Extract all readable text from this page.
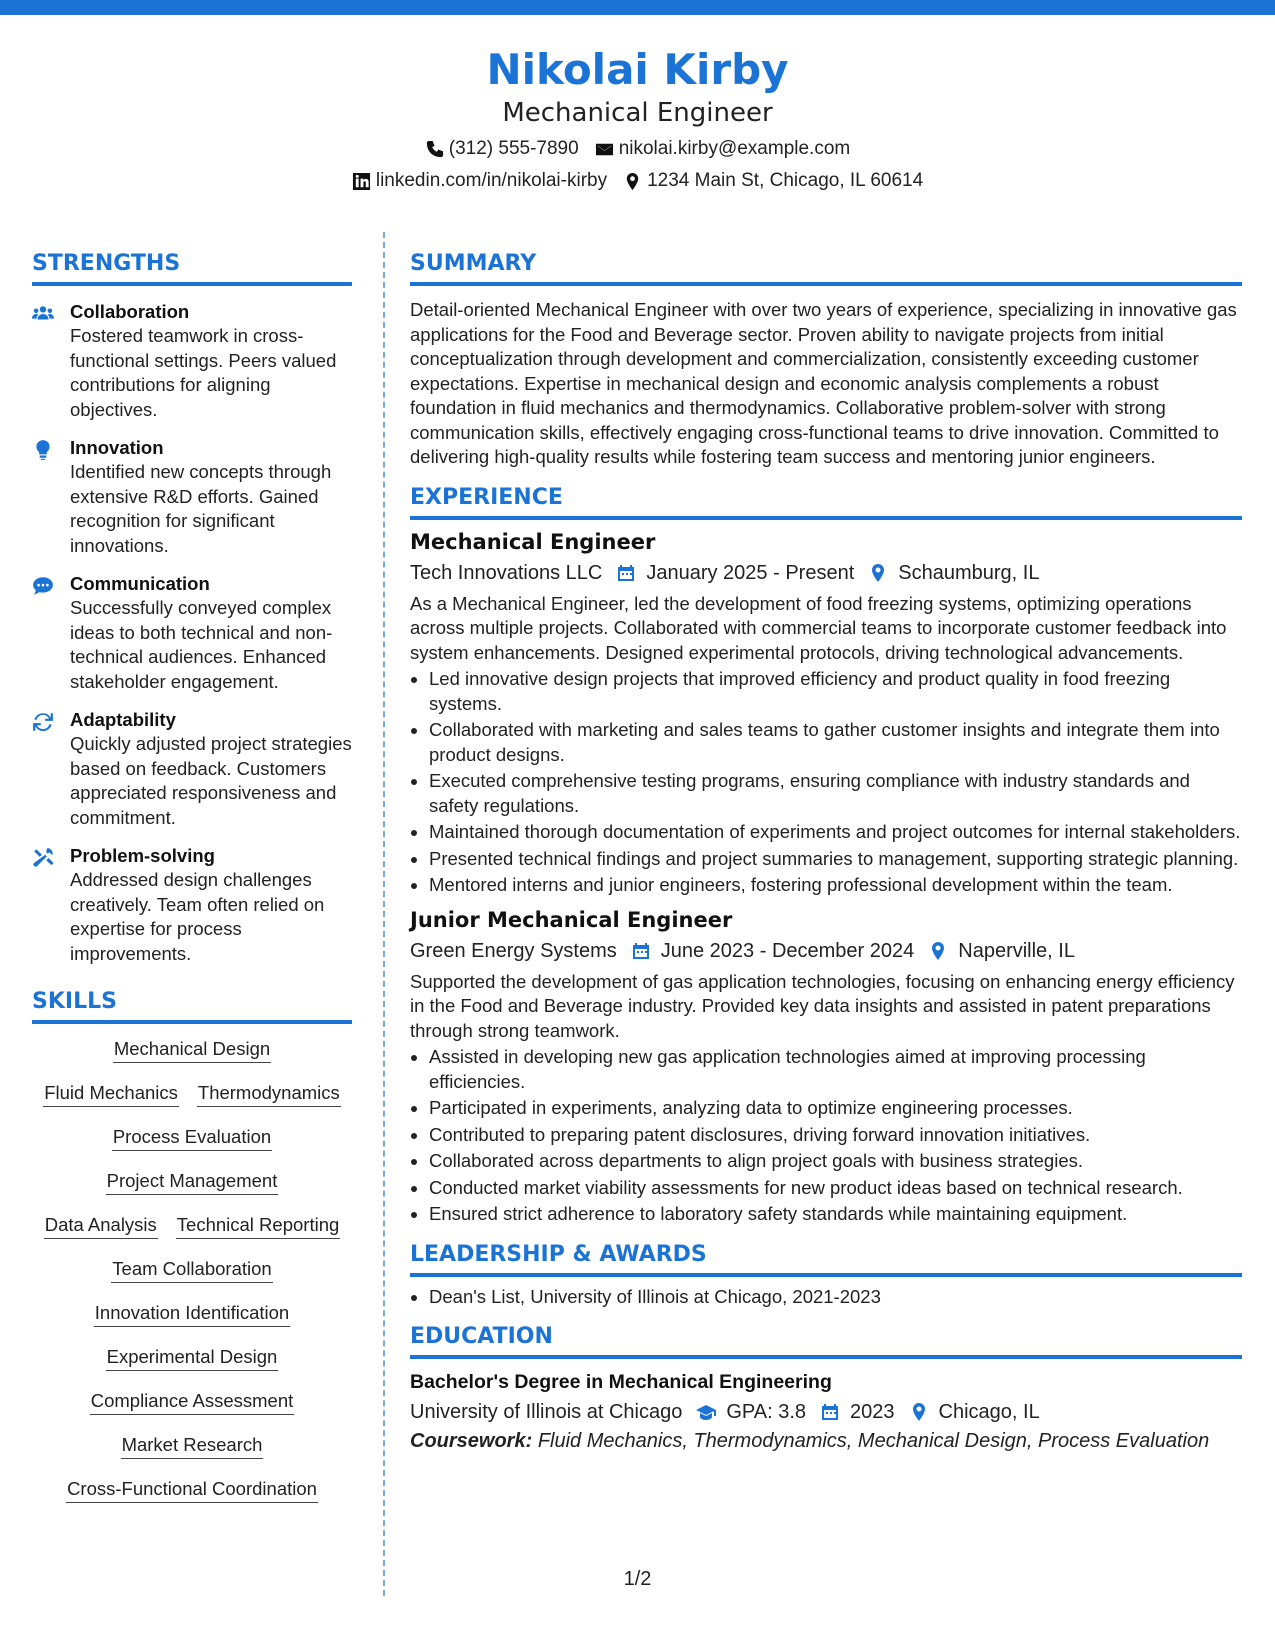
Nikolai Kirby
Mechanical Engineer
(312) 555-7890 nikolai.kirby@example.com
linkedin.com/in/nikolai-kirby 1234 Main St, Chicago, IL 60614
STRENGTHS
Collaboration
Fostered teamwork in cross-functional settings. Peers valued contributions for aligning objectives.
Innovation
Identified new concepts through extensive R&D efforts. Gained recognition for significant innovations.
Communication
Successfully conveyed complex ideas to both technical and non-technical audiences. Enhanced stakeholder engagement.
Adaptability
Quickly adjusted project strategies based on feedback. Customers appreciated responsiveness and commitment.
Problem-solving
Addressed design challenges creatively. Team often relied on expertise for process improvements.
SKILLS
Mechanical Design
Fluid Mechanics Thermodynamics
Process Evaluation
Project Management
Data Analysis Technical Reporting
Team Collaboration
Innovation Identification
Experimental Design
Compliance Assessment
Market Research
Cross-Functional Coordination
SUMMARY
Detail-oriented Mechanical Engineer with over two years of experience, specializing in innovative gas applications for the Food and Beverage sector. Proven ability to navigate projects from initial conceptualization through development and commercialization, consistently exceeding customer expectations. Expertise in mechanical design and economic analysis complements a robust foundation in fluid mechanics and thermodynamics. Collaborative problem-solver with strong communication skills, effectively engaging cross-functional teams to drive innovation. Committed to delivering high-quality results while fostering team success and mentoring junior engineers.
EXPERIENCE
Mechanical Engineer
Tech Innovations LLC January 2025 - Present Schaumburg, IL
As a Mechanical Engineer, led the development of food freezing systems, optimizing operations across multiple projects. Collaborated with commercial teams to incorporate customer feedback into system enhancements. Designed experimental protocols, driving technological advancements.
• Led innovative design projects that improved efficiency and product quality in food freezing systems.
• Collaborated with marketing and sales teams to gather customer insights and integrate them into product designs.
• Executed comprehensive testing programs, ensuring compliance with industry standards and safety regulations.
• Maintained thorough documentation of experiments and project outcomes for internal stakeholders.
• Presented technical findings and project summaries to management, supporting strategic planning.
• Mentored interns and junior engineers, fostering professional development within the team.
Junior Mechanical Engineer
Green Energy Systems June 2023 - December 2024 Naperville, IL
Supported the development of gas application technologies, focusing on enhancing energy efficiency in the Food and Beverage industry. Provided key data insights and assisted in patent preparations through strong teamwork.
• Assisted in developing new gas application technologies aimed at improving processing efficiencies.
• Participated in experiments, analyzing data to optimize engineering processes.
• Contributed to preparing patent disclosures, driving forward innovation initiatives.
• Collaborated across departments to align project goals with business strategies.
• Conducted market viability assessments for new product ideas based on technical research.
• Ensured strict adherence to laboratory safety standards while maintaining equipment.
LEADERSHIP & AWARDS
• Dean's List, University of Illinois at Chicago, 2021-2023
EDUCATION
Bachelor's Degree in Mechanical Engineering
University of Illinois at Chicago GPA: 3.8 2023 Chicago, IL
Coursework: Fluid Mechanics, Thermodynamics, Mechanical Design, Process Evaluation
1/2
